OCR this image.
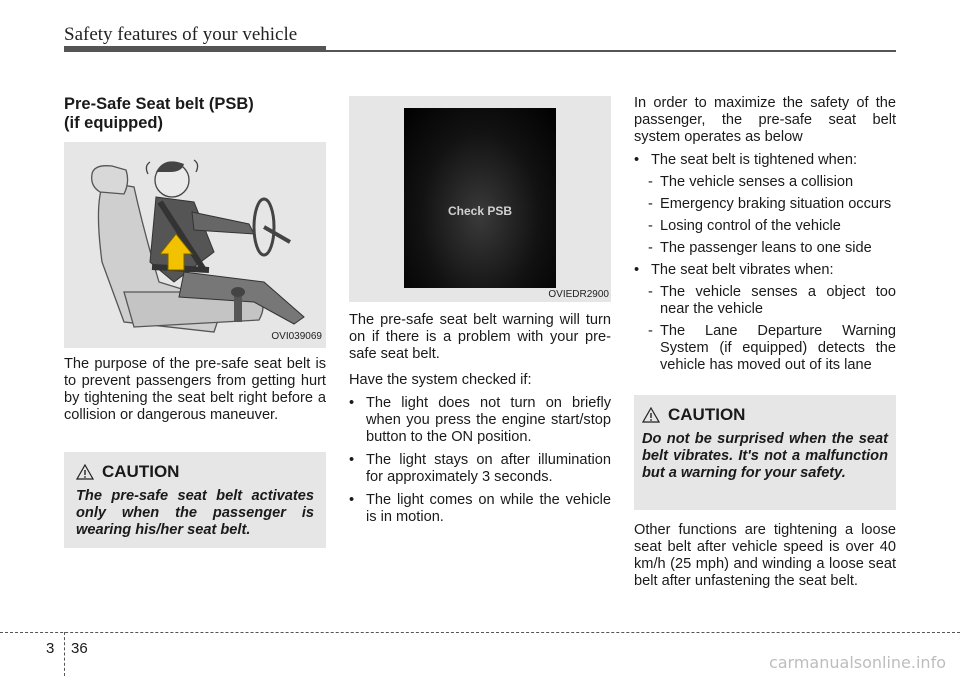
Safety features of your vehicle
Pre-Safe Seat belt (PSB)
(if equipped)
OVI039069

The purpose of the pre-safe seat belt is to prevent passengers from getting hurt by tightening the seat belt right before a collision or dangerous maneuver.

CAUTION
The pre-safe seat belt activates only when the passenger is wearing his/her seat belt.
Check PSB
OVIEDR2900

The pre-safe seat belt warning will turn on if there is a problem with your pre-safe seat belt.

Have the system checked if:

• The light does not turn on briefly when you press the engine start/stop button to the ON position.
• The light stays on after illumination for approximately 3 seconds.
• The light comes on while the vehicle is in motion.

In order to maximize the safety of the passenger, the pre-safe seat belt system operates as below

• The seat belt is tightened when:
- The vehicle senses a collision
- Emergency braking situation occurs
- Losing control of the vehicle
- The passenger leans to one side
• The seat belt vibrates when:
- The vehicle senses a object too near the vehicle
- The Lane Departure Warning System (if equipped) detects the vehicle has moved out of its lane
CAUTION
Do not be surprised when the seat belt vibrates. It's not a malfunction but a warning for your safety.

Other functions are tightening a loose seat belt after vehicle speed is over 40 km/h (25 mph) and winding a loose seat belt after unfastening the seat belt.

3 36
carmanualsonline.info
